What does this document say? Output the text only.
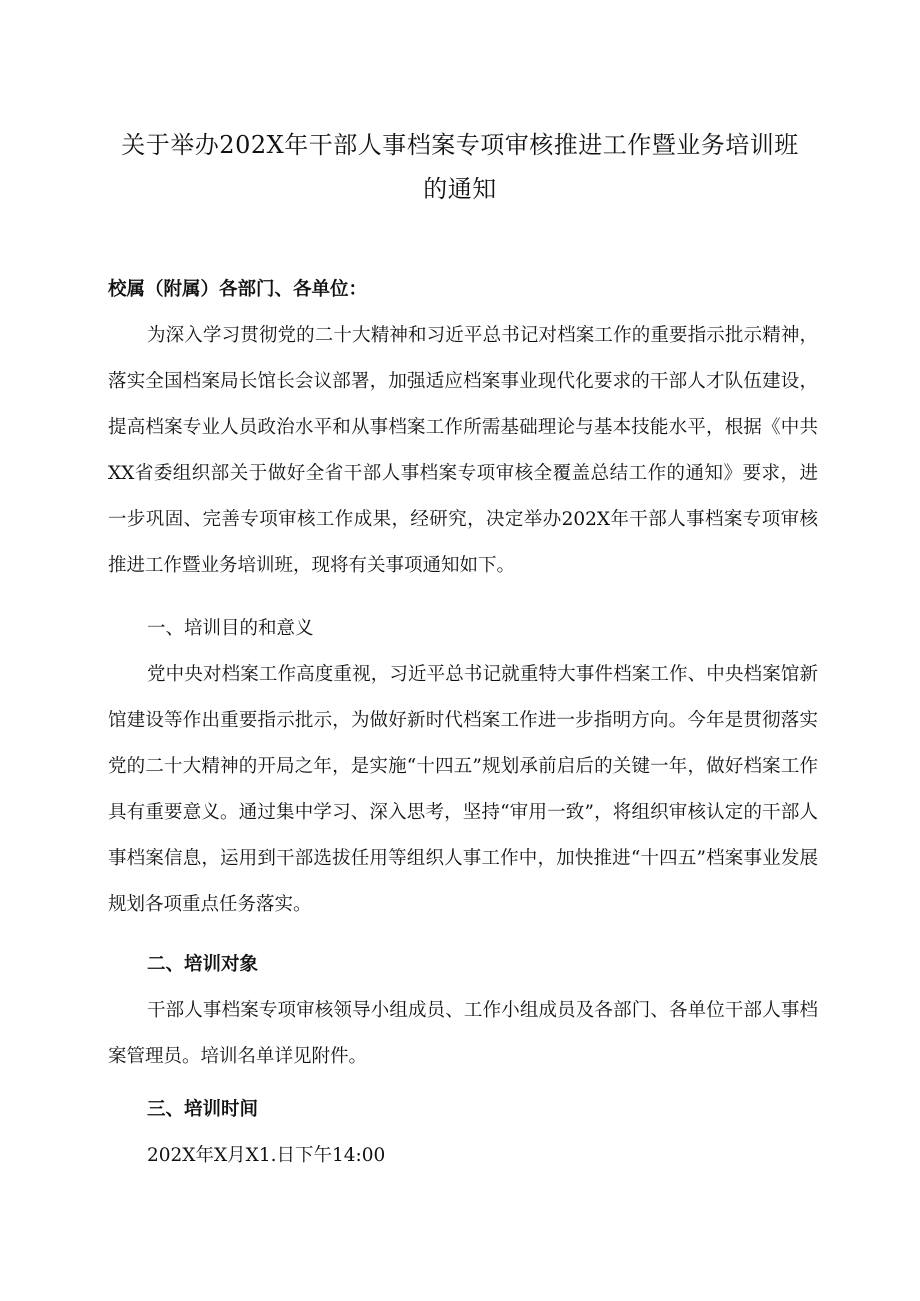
关于举办202X年干部人事档案专项审核推进工作暨业务培训班
的通知

校属（附属）各部门、各单位：

为深入学习贯彻党的二十大精神和习近平总书记对档案工作的重要指示批示精神，落实全国档案局长馆长会议部署，加强适应档案事业现代化要求的干部人才队伍建设，提高档案专业人员政治水平和从事档案工作所需基础理论与基本技能水平，根据《中共XX省委组织部关于做好全省干部人事档案专项审核全覆盖总结工作的通知》要求，进一步巩固、完善专项审核工作成果，经研究，决定举办202X年干部人事档案专项审核推进工作暨业务培训班，现将有关事项通知如下。

一、培训目的和意义

党中央对档案工作高度重视，习近平总书记就重特大事件档案工作、中央档案馆新馆建设等作出重要指示批示，为做好新时代档案工作进一步指明方向。今年是贯彻落实党的二十大精神的开局之年，是实施“十四五”规划承前启后的关键一年，做好档案工作具有重要意义。通过集中学习、深入思考，坚持“审用一致”，将组织审核认定的干部人事档案信息，运用到干部选拔任用等组织人事工作中，加快推进“十四五”档案事业发展规划各项重点任务落实。

二、培训对象

干部人事档案专项审核领导小组成员、工作小组成员及各部门、各单位干部人事档案管理员。培训名单详见附件。

三、培训时间

202X年X月X1.日下午14:00
